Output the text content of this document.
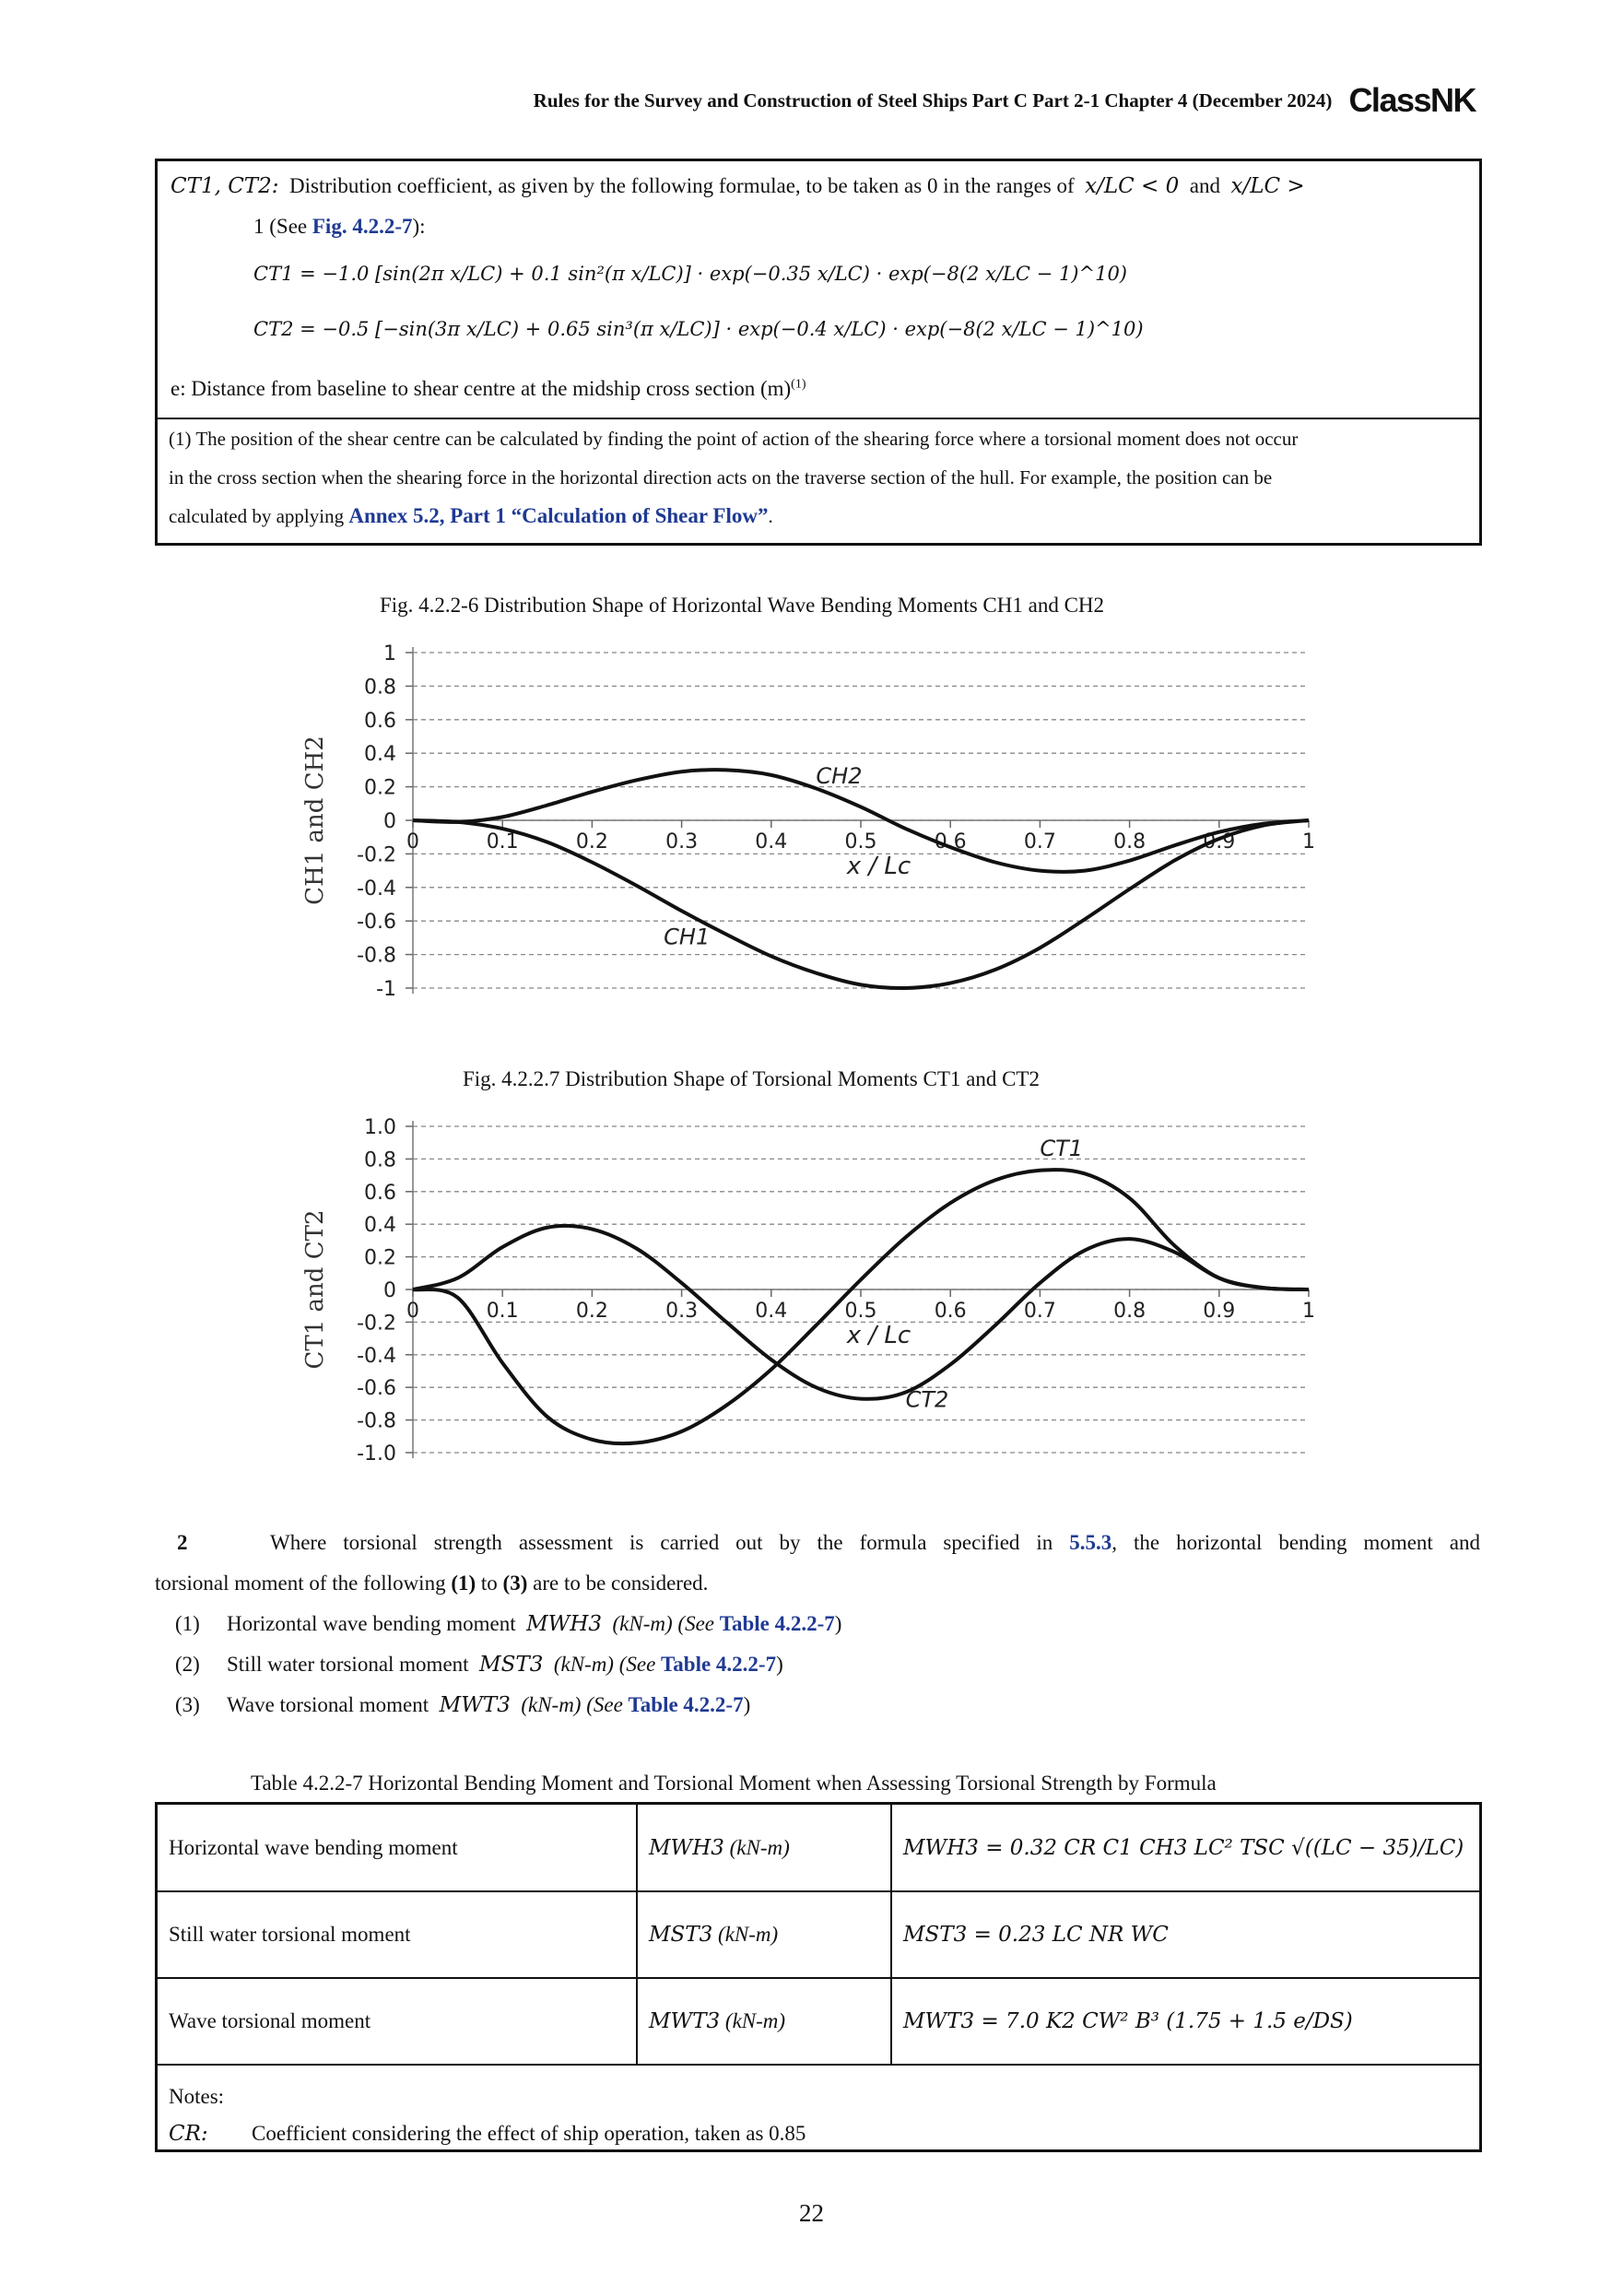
Rules for the Survey and Construction of Steel Ships Part C Part 2-1 Chapter 4 (December 2024) ClassNK
CT1, CT2: Distribution coefficient, as given by the following formulae, to be taken as 0 in the ranges of x/LC < 0 and x/LC >
1 (See Fig. 4.2.2-7):
CT1 = −1.0 [sin(2π x/LC) + 0.1 sin²(π x/LC)] · exp(−0.35 x/LC) · exp(−8(2 x/LC − 1)^10)
CT2 = −0.5 [−sin(3π x/LC) + 0.65 sin³(π x/LC)] · exp(−0.4 x/LC) · exp(−8(2 x/LC − 1)^10)
e: Distance from baseline to shear centre at the midship cross section $(m)^{(1)}$
(1) The position of the shear centre can be calculated by finding the point of action of the shearing force where a torsional moment does not occur
in the cross section when the shearing force in the horizontal direction acts on the traverse section of the hull. For example, the position can be
calculated by applying Annex 5.2, Part 1 “Calculation of Shear Flow”.
Fig. 4.2.2-6 Distribution Shape of Horizontal Wave Bending Moments CH1 and CH2
1
0.8
0.6
0.4
0.2
0
-0.2
-0.4
-0.6
-0.8
-1
0	0.1	0.2	0.3	0.4	0.5	0.6	0.7	0.8	0.9	1
x / Lc
CH1 and CH2
CH1
CH2
Fig. 4.2.2.7 Distribution Shape of Torsional Moments CT1 and CT2
1.0
0.8
0.6
0.4
0.2
0
-0.2
-0.4
-0.6
-0.8
-1.0
0	0.1	0.2	0.3	0.4	0.5	0.6	0.7	0.8	0.9	1
x / Lc
CT1 and CT2
CT1
CT2
2	Where torsional strength assessment is carried out by the formula specified in 5.5.3, the horizontal bending moment and
torsional moment of the following (1) to (3) are to be considered.
(1) Horizontal wave bending moment MWH3 (kN-m) (See Table 4.2.2-7)
(2) Still water torsional moment MST3 (kN-m) (See Table 4.2.2-7)
(3) Wave torsional moment MWT3 (kN-m) (See Table 4.2.2-7)
Table 4.2.2-7 Horizontal Bending Moment and Torsional Moment when Assessing Torsional Strength by Formula
Horizontal wave bending moment	MWH3 (kN-m)	MWH3 = 0.32 CR C1 CH3 LC² TSC √((LC − 35)/LC)
Still water torsional moment	MST3 (kN-m)	MST3 = 0.23 LC NR WC
Wave torsional moment	MWT3 (kN-m)	MWT3 = 7.0 K2 CW² B³ (1.75 + 1.5 e/DS)

Notes:
CR: Coefficient considering the effect of ship operation, taken as 0.85		
22
